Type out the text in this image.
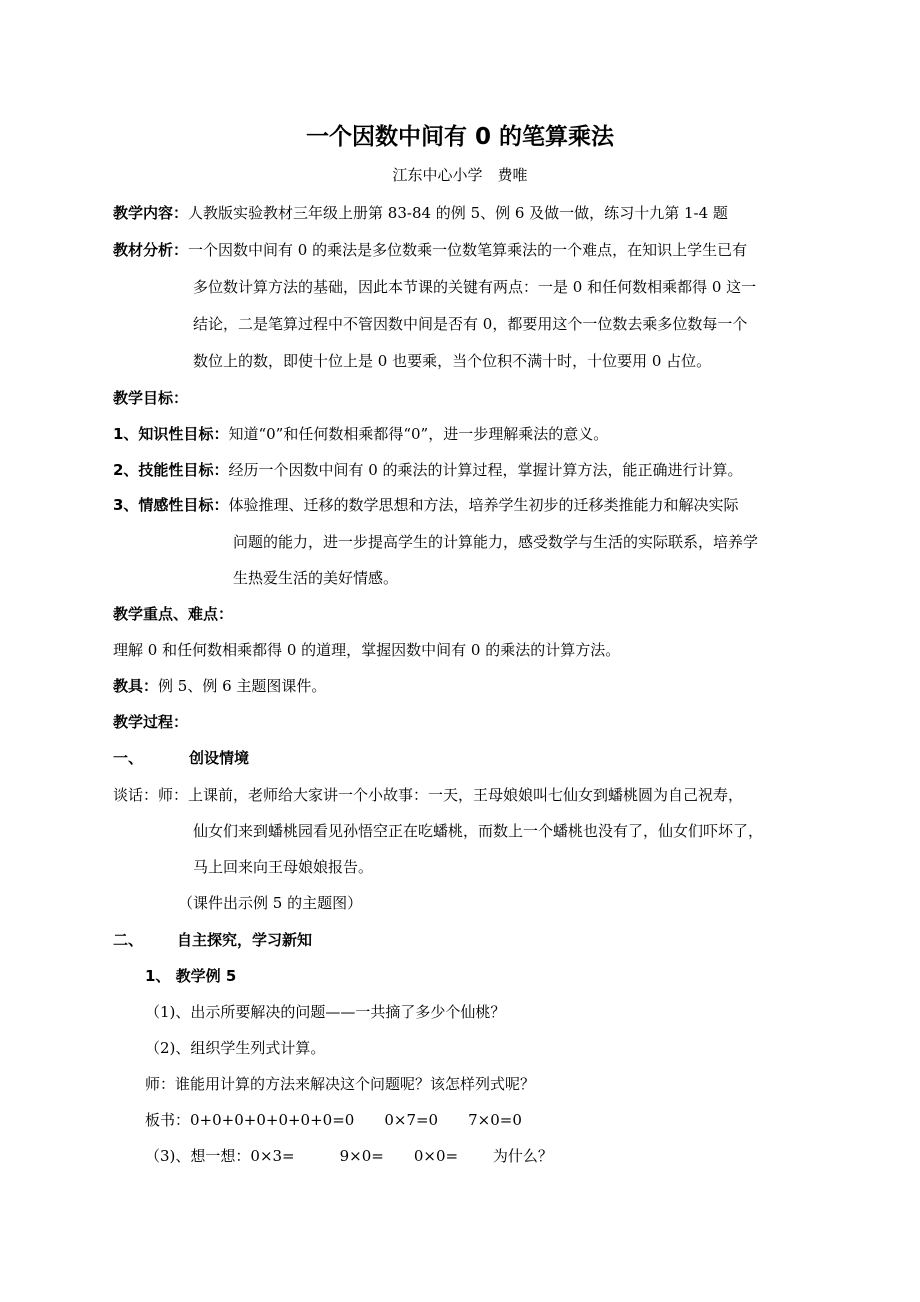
一个因数中间有 0 的笔算乘法
江东中心小学　费唯
教学内容：人教版实验教材三年级上册第 83-84 的例 5、例 6 及做一做，练习十九第 1-4 题
教材分析：一个因数中间有 0 的乘法是多位数乘一位数笔算乘法的一个难点，在知识上学生已有
多位数计算方法的基础，因此本节课的关键有两点：一是 0 和任何数相乘都得 0 这一
结论，二是笔算过程中不管因数中间是否有 0，都要用这个一位数去乘多位数每一个
数位上的数，即使十位上是 0 也要乘，当个位积不满十时，十位要用 0 占位。
教学目标：
1、知识性目标：知道“0”和任何数相乘都得“0”，进一步理解乘法的意义。
2、技能性目标：经历一个因数中间有 0 的乘法的计算过程，掌握计算方法，能正确进行计算。
3、情感性目标：体验推理、迁移的数学思想和方法，培养学生初步的迁移类推能力和解决实际
问题的能力，进一步提高学生的计算能力，感受数学与生活的实际联系，培养学
生热爱生活的美好情感。
教学重点、难点：
理解 0 和任何数相乘都得 0 的道理，掌握因数中间有 0 的乘法的计算方法。
教具：例 5、例 6 主题图课件。
教学过程：
一、	创设情境
谈话：师：上课前，老师给大家讲一个小故事：一天，王母娘娘叫七仙女到蟠桃圆为自己祝寿，
仙女们来到蟠桃园看见孙悟空正在吃蟠桃，而数上一个蟠桃也没有了，仙女们吓坏了，
马上回来向王母娘娘报告。
（课件出示例 5 的主题图）
二、 自主探究，学习新知
1、 教学例 5
（1)、出示所要解决的问题——一共摘了多少个仙桃？
（2)、组织学生列式计算。
师：谁能用计算的方法来解决这个问题呢？该怎样列式呢？
板书：0+0+0+0+0+0+0=0　　0×7=0　　7×0=0
（3)、想一想：0×3=　　　9×0=　　0×0=　　 为什么？
